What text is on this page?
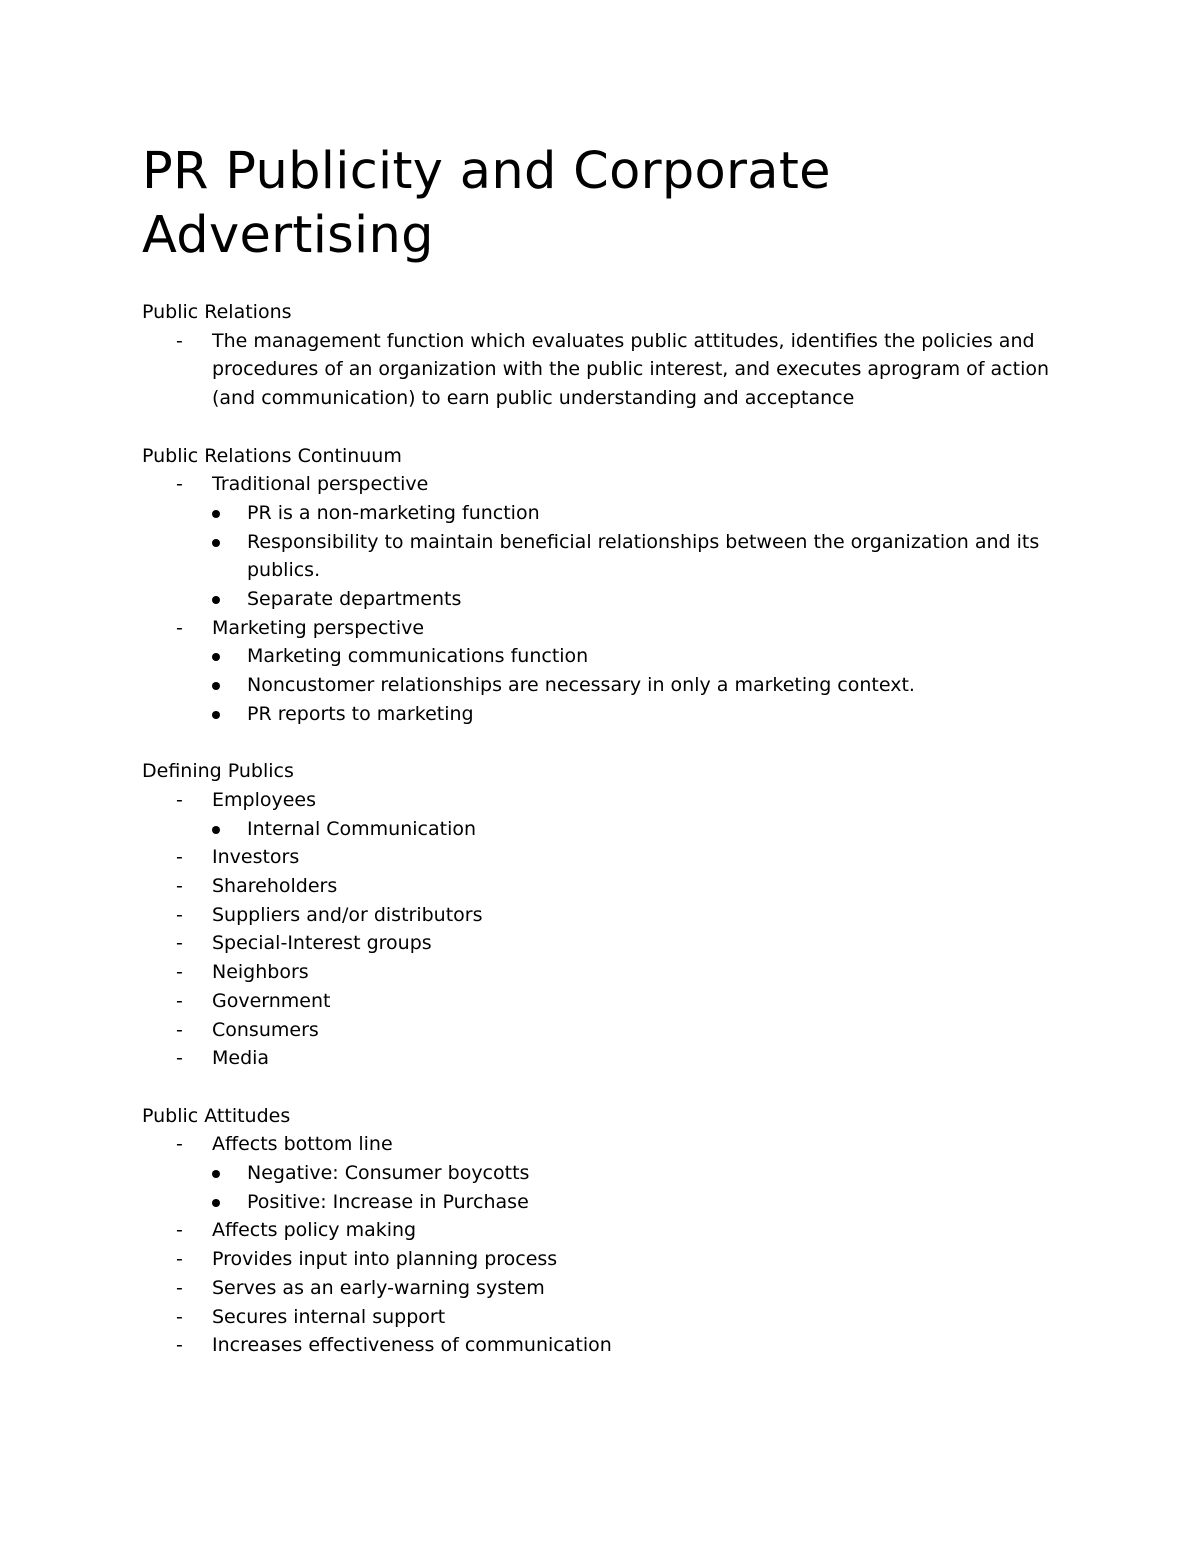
PR Publicity and Corporate Advertising
Public Relations
- The management function which evaluates public attitudes, identifies the policies and procedures of an organization with the public interest, and executes aprogram of action (and communication) to earn public understanding and acceptance
Public Relations Continuum
- Traditional perspective
PR is a non-marketing function
Responsibility to maintain beneficial relationships between the organization and its publics.
Separate departments
- Marketing perspective
Marketing communications function
Noncustomer relationships are necessary in only a marketing context.
PR reports to marketing
Defining Publics
- Employees
Internal Communication
- Investors
- Shareholders
- Suppliers and/or distributors
- Special-Interest groups
- Neighbors
- Government
- Consumers
- Media
Public Attitudes
- Affects bottom line
Negative: Consumer boycotts
Positive: Increase in Purchase
- Affects policy making
- Provides input into planning process
- Serves as an early-warning system
- Secures internal support
- Increases effectiveness of communication
